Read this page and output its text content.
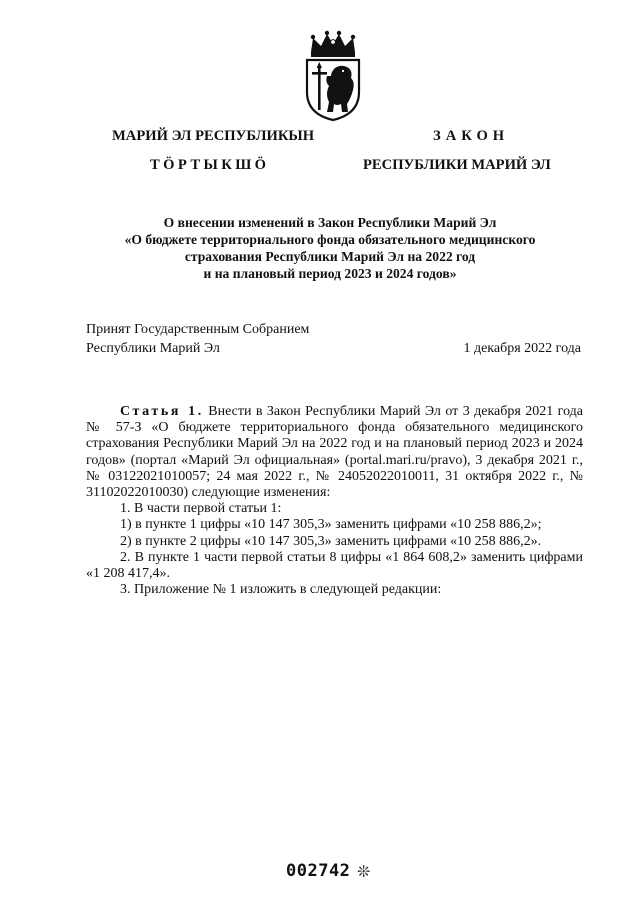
МАРИЙ ЭЛ РЕСПУБЛИКЫН
ТӦРТЫКШӦ
ЗАКОН
РЕСПУБЛИКИ МАРИЙ ЭЛ
О внесении изменений в Закон Республики Марий Эл
«О бюджете территориального фонда обязательного медицинского
страхования Республики Марий Эл на 2022 год
и на плановый период 2023 и 2024 годов»
Принят Государственным Собранием
Республики Марий Эл	1 декабря 2022 года

Статья 1. Внести в Закон Республики Марий Эл от 3 декабря 2021 года № 57-З «О бюджете территориального фонда обязательного медицинского страхования Республики Марий Эл на 2022 год и на плановый период 2023 и 2024 годов» (портал «Марий Эл официальная» (portal.mari.ru/pravo), 3 декабря 2021 г., № 03122021010057; 24 мая 2022 г., № 24052022010011, 31 октября 2022 г., № 31102022010030) следующие изменения:

1. В части первой статьи 1:

1) в пункте 1 цифры «10 147 305,3» заменить цифрами «10 258 886,2»;

2) в пункте 2 цифры «10 147 305,3» заменить цифрами «10 258 886,2».

2. В пункте 1 части первой статьи 8 цифры «1 864 608,2» заменить цифрами «1 208 417,4».

3. Приложение № 1 изложить в следующей редакции:

002742 ❊
